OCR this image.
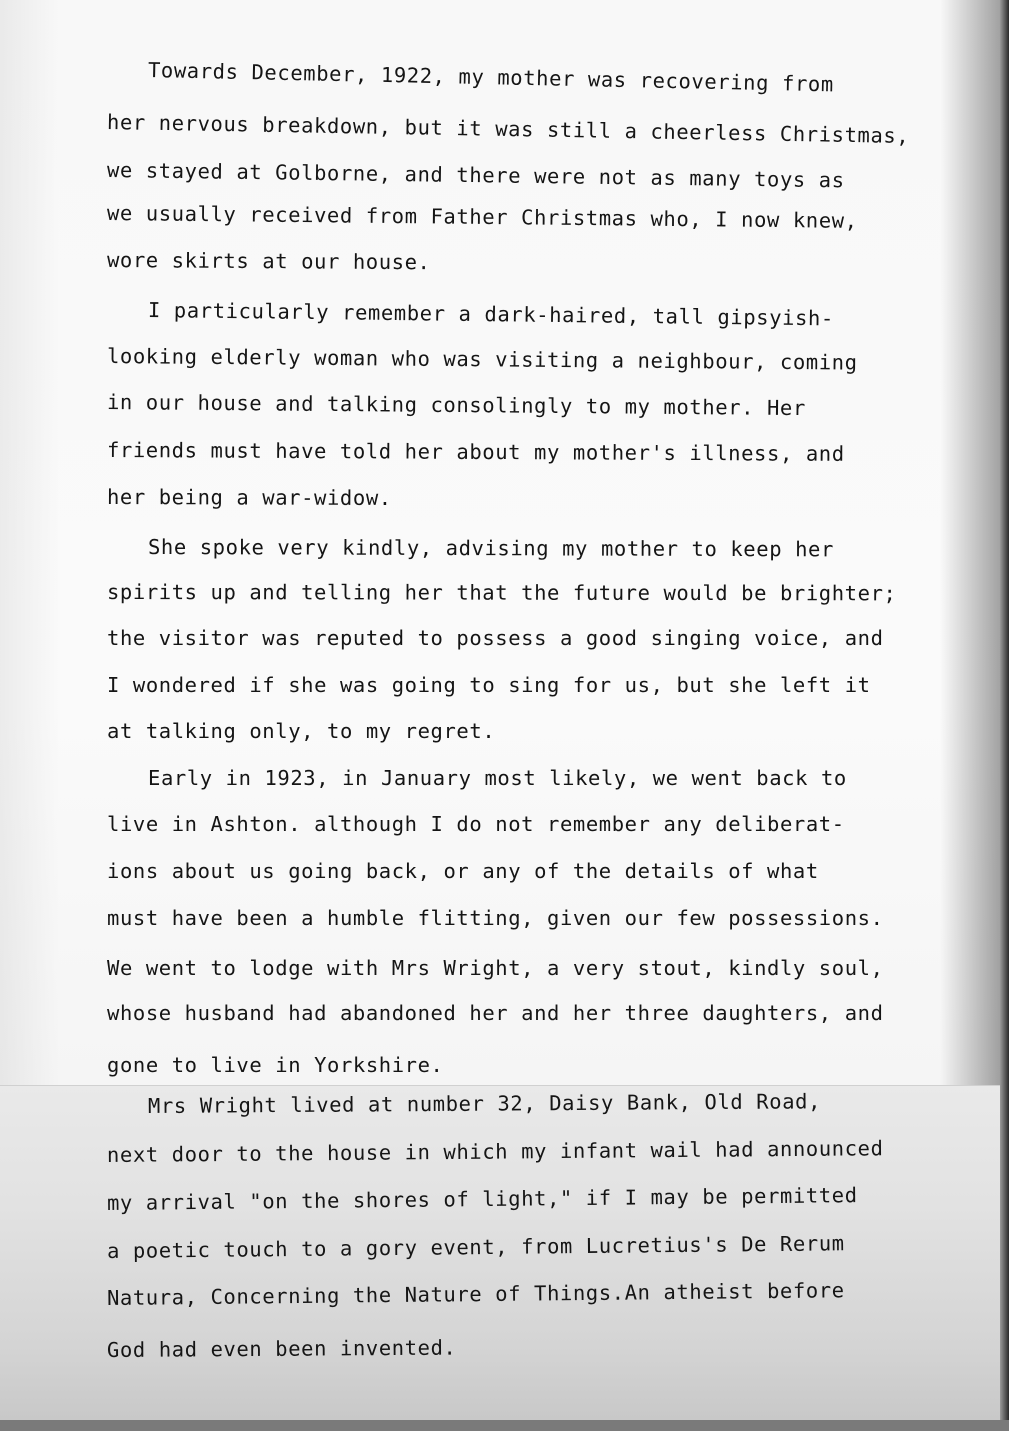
Towards December, 1922, my mother was recovering from
her nervous breakdown, but it was still a cheerless Christmas,
we stayed at Golborne, and there were not as many toys as
we usually received from Father Christmas who, I now knew,
wore skirts at our house.
I particularly remember a dark-haired, tall gipsyish-
looking elderly woman who was visiting a neighbour, coming
in our house and talking consolingly to my mother. Her
friends must have told her about my mother's illness, and
her being a war-widow.
She spoke very kindly, advising my mother to keep her
spirits up and telling her that the future would be brighter;
the visitor was reputed to possess a good singing voice, and
I wondered if she was going to sing for us, but she left it
at talking only, to my regret.
Early in 1923, in January most likely, we went back to
live in Ashton. although I do not remember any deliberat-
ions about us going back, or any of the details of what
must have been a humble flitting, given our few possessions.
We went to lodge with Mrs Wright, a very stout, kindly soul,
whose husband had abandoned her and her three daughters, and
gone to live in Yorkshire.
Mrs Wright lived at number 32, Daisy Bank, Old Road,
next door to the house in which my infant wail had announced
my arrival "on the shores of light," if I may be permitted
a poetic touch to a gory event, from Lucretius's De Rerum
Natura, Concerning the Nature of Things.An atheist before
God had even been invented.
